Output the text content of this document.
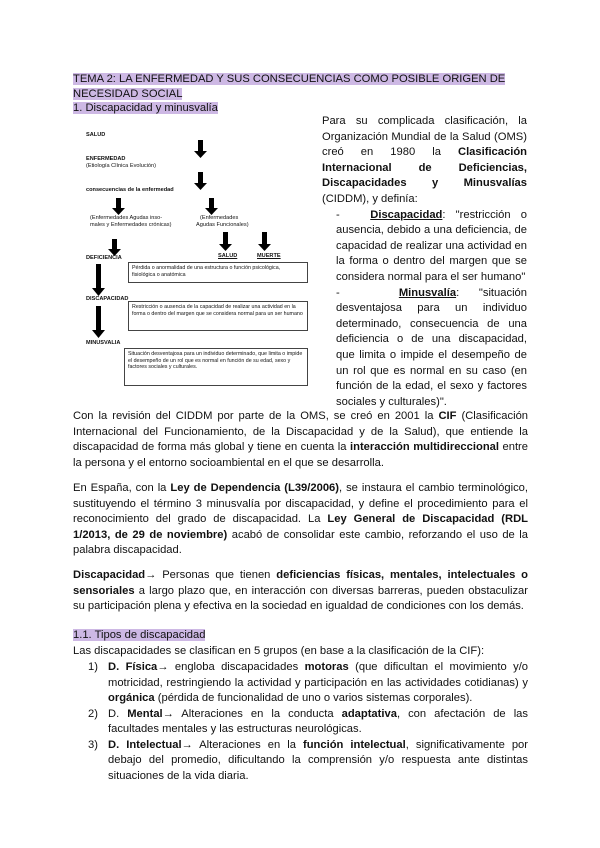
TEMA 2: LA ENFERMEDAD Y SUS CONSECUENCIAS COMO POSIBLE ORIGEN DE NECESIDAD SOCIAL
1. Discapacidad y minusvalía
SALUD
ENFERMEDAD
(Etiología Clínica Evolución)
consecuencias de la enfermedad
(Enfermedades Agudas inso-
males y Enfermedades crónicas)
(Enfermedades
Agudas Funcionales)
DEFICIENCIA	SALUD	MUERTE
Pérdida o anormalidad de una estructura o función psicológica, fisiológica o anatómica
DISCAPACIDAD
Restricción o ausencia de la capacidad de realizar una actividad en la forma o dentro del margen que se considera normal para un ser humano
MINUSVALIA
Situación desventajosa para un individuo determinado, que limita o impide el desempeño de un rol que es normal en función de su edad, sexo y factores sociales y culturales.

Para su complicada clasificación, la Organización Mundial de la Salud (OMS) creó en 1980 la Clasificación Internacional de Deficiencias, Discapacidades y Minusvalías (CIDDM), y definía:

-	Discapacidad: "restricción o ausencia, debido a una deficiencia, de capacidad de realizar una actividad en la forma o dentro del margen que se considera normal para el ser humano"

-	Minusvalía: "situación desventajosa para un individuo determinado, consecuencia de una deficiencia o de una discapacidad, que limita o impide el desempeño de un rol que es normal en su caso (en función de la edad, el sexo y factores sociales y culturales)".

Con la revisión del CIDDM por parte de la OMS, se creó en 2001 la CIF (Clasificación Internacional del Funcionamiento, de la Discapacidad y de la Salud), que entiende la discapacidad de forma más global y tiene en cuenta la interacción multidireccional entre la persona y el entorno socioambiental en el que se desarrolla.

En España, con la Ley de Dependencia (L39/2006), se instaura el cambio terminológico, sustituyendo el término 3 minusvalía por discapacidad, y define el procedimiento para el reconocimiento del grado de discapacidad. La Ley General de Discapacidad (RDL 1/2013, de 29 de noviembre) acabó de consolidar este cambio, reforzando el uso de la palabra discapacidad.

Discapacidad→ Personas que tienen deficiencias físicas, mentales, intelectuales o sensoriales a largo plazo que, en interacción con diversas barreras, pueden obstaculizar su participación plena y efectiva en la sociedad en igualdad de condiciones con los demás.

1.1. Tipos de discapacidad
Las discapacidades se clasifican en 5 grupos (en base a la clasificación de la CIF):
1) D. Física→ engloba discapacidades motoras (que dificultan el movimiento y/o motricidad, restringiendo la actividad y participación en las actividades cotidianas) y orgánica (pérdida de funcionalidad de uno o varios sistemas corporales).
2) D. Mental→ Alteraciones en la conducta adaptativa, con afectación de las facultades mentales y las estructuras neurológicas.
3) D. Intelectual→ Alteraciones en la función intelectual, significativamente por debajo del promedio, dificultando la comprensión y/o respuesta ante distintas situaciones de la vida diaria.
